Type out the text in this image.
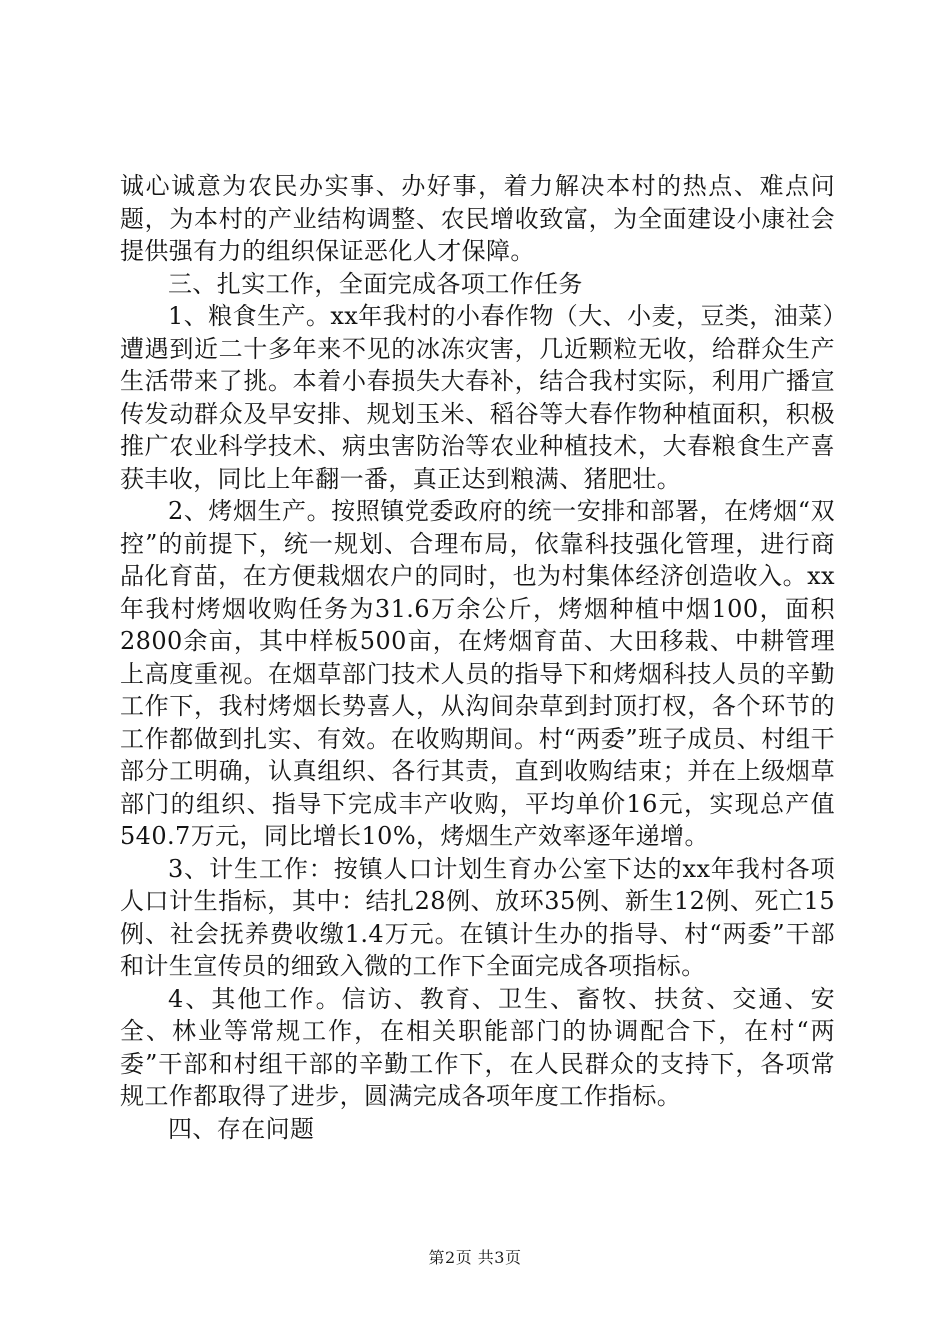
诚心诚意为农民办实事、办好事，着力解决本村的热点、难点问题，为本村的产业结构调整、农民增收致富，为全面建设小康社会提供强有力的组织保证恶化人才保障。

三、扎实工作，全面完成各项工作任务

1、粮食生产。xx年我村的小春作物（大、小麦，豆类，油菜）遭遇到近二十多年来不见的冰冻灾害，几近颗粒无收，给群众生产生活带来了挑。本着小春损失大春补，结合我村实际，利用广播宣传发动群众及早安排、规划玉米、稻谷等大春作物种植面积，积极推广农业科学技术、病虫害防治等农业种植技术，大春粮食生产喜获丰收，同比上年翻一番，真正达到粮满、猪肥壮。

2、烤烟生产。按照镇党委政府的统一安排和部署，在烤烟“双控”的前提下，统一规划、合理布局，依靠科技强化管理，进行商品化育苗，在方便栽烟农户的同时，也为村集体经济创造收入。xx年我村烤烟收购任务为31.6万余公斤，烤烟种植中烟100，面积2800余亩，其中样板500亩，在烤烟育苗、大田移栽、中耕管理上高度重视。在烟草部门技术人员的指导下和烤烟科技人员的辛勤工作下，我村烤烟长势喜人，从沟间杂草到封顶打杈，各个环节的工作都做到扎实、有效。在收购期间。村“两委”班子成员、村组干部分工明确，认真组织、各行其责，直到收购结束；并在上级烟草部门的组织、指导下完成丰产收购，平均单价16元，实现总产值540.7万元，同比增长10%，烤烟生产效率逐年递增。

3、计生工作：按镇人口计划生育办公室下达的xx年我村各项人口计生指标，其中：结扎28例、放环35例、新生12例、死亡15例、社会抚养费收缴1.4万元。在镇计生办的指导、村“两委”干部和计生宣传员的细致入微的工作下全面完成各项指标。

4、其他工作。信访、教育、卫生、畜牧、扶贫、交通、安全、林业等常规工作，在相关职能部门的协调配合下，在村“两委”干部和村组干部的辛勤工作下，在人民群众的支持下，各项常规工作都取得了进步，圆满完成各项年度工作指标。

四、存在问题

第2页 共3页
